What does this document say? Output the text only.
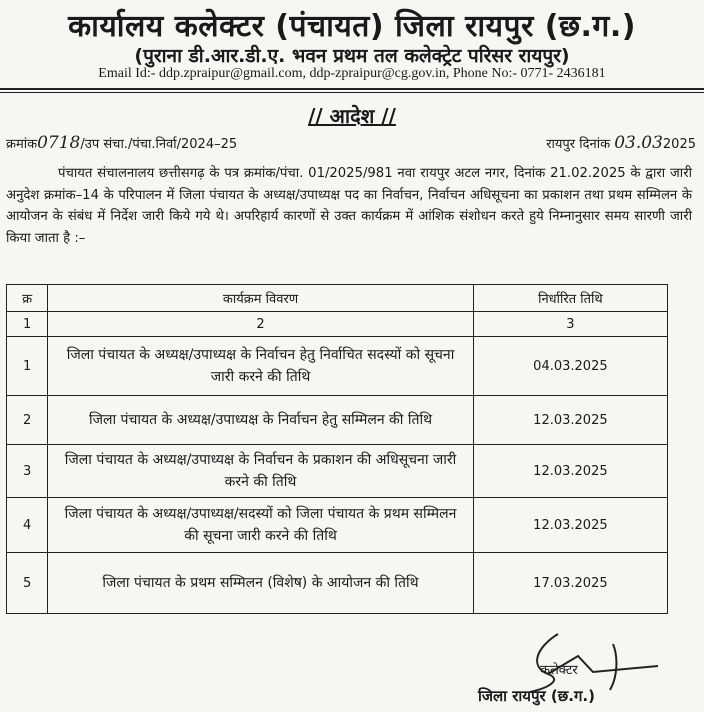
कार्यालय कलेक्टर (पंचायत) जिला रायपुर (छ.ग.)
(पुराना डी.आर.डी.ए. भवन प्रथम तल कलेक्ट्रेट परिसर रायपुर)
Email Id:- ddp.zpraipur@gmail.com, ddp-zpraipur@cg.gov.in, Phone No:- 0771- 2436181
// आदेश //
क्रमांक0718/उप संचा./पंचा.निर्वा/2024–25	रायपुर दिनांक 03.032025
पंचायत संचालनालय छत्तीसगढ़ के पत्र क्रमांक/पंचा. 01/2025/981 नवा रायपुर अटल नगर, दिनांक 21.02.2025 के द्वारा जारी अनुदेश क्रमांक–14 के परिपालन में जिला पंचायत के अध्यक्ष/उपाध्यक्ष पद का निर्वाचन, निर्वाचन अधिसूचना का प्रकाशन तथा प्रथम सम्मिलन के आयोजन के संबंध में निर्देश जारी किये गये थे। अपरिहार्य कारणों से उक्त कार्यक्रम में आंशिक संशोधन करते हुये निम्नानुसार समय सारणी जारी किया जाता है :–
क्र	कार्यक्रम विवरण	निर्धारित तिथि
1	2	3
1	जिला पंचायत के अध्यक्ष/उपाध्यक्ष के निर्वाचन हेतु निर्वाचित सदस्यों को सूचना जारी करने की तिथि	04.03.2025
2	जिला पंचायत के अध्यक्ष/उपाध्यक्ष के निर्वाचन हेतु सम्मिलन की तिथि	12.03.2025
3	जिला पंचायत के अध्यक्ष/उपाध्यक्ष के निर्वाचन के प्रकाशन की अधिसूचना जारी करने की तिथि	12.03.2025
4	जिला पंचायत के अध्यक्ष/उपाध्यक्ष/सदस्यों को जिला पंचायत के प्रथम सम्मिलन की सूचना जारी करने की तिथि	12.03.2025
5	जिला पंचायत के प्रथम सम्मिलन (विशेष) के आयोजन की तिथि	17.03.2025
कलेक्टर
जिला रायपुर (छ.ग.)
